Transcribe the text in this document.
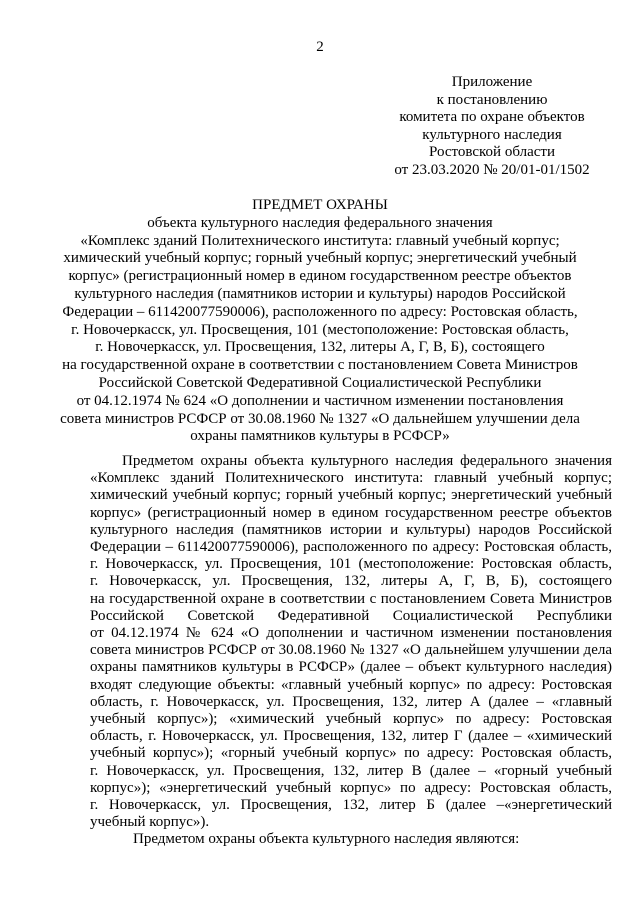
2
Приложение
к постановлению
комитета по охране объектов
культурного наследия
Ростовской области
от 23.03.2020 № 20/01-01/1502
ПРЕДМЕТ ОХРАНЫ
объекта культурного наследия федерального значения
«Комплекс зданий Политехнического института: главный учебный корпус;
химический учебный корпус; горный учебный корпус; энергетический учебный
корпус» (регистрационный номер в едином государственном реестре объектов
культурного наследия (памятников истории и культуры) народов Российской
Федерации – 611420077590006), расположенного по адресу: Ростовская область,
г. Новочеркасск, ул. Просвещения, 101 (местоположение: Ростовская область,
г. Новочеркасск, ул. Просвещения, 132, литеры А, Г, В, Б), состоящего
на государственной охране в соответствии с постановлением Совета Министров
Российской Советской Федеративной Социалистической Республики
от 04.12.1974 № 624 «О дополнении и частичном изменении постановления
совета министров РСФСР от 30.08.1960 № 1327 «О дальнейшем улучшении дела
охраны памятников культуры в РСФСР»
Предметом охраны объекта культурного наследия федерального значения
«Комплекс зданий Политехнического института: главный учебный корпус;
химический учебный корпус; горный учебный корпус; энергетический учебный
корпус» (регистрационный номер в едином государственном реестре объектов
культурного наследия (памятников истории и культуры) народов Российской
Федерации – 611420077590006), расположенного по адресу: Ростовская область,
г. Новочеркасск, ул. Просвещения, 101 (местоположение: Ростовская область,
г. Новочеркасск, ул. Просвещения, 132, литеры А, Г, В, Б), состоящего
на государственной охране в соответствии с постановлением Совета Министров
Российской Советской Федеративной Социалистической Республики
от 04.12.1974 № 624 «О дополнении и частичном изменении постановления
совета министров РСФСР от 30.08.1960 № 1327 «О дальнейшем улучшении дела
охраны памятников культуры в РСФСР» (далее – объект культурного наследия)
входят следующие объекты: «главный учебный корпус» по адресу: Ростовская
область, г. Новочеркасск, ул. Просвещения, 132, литер А (далее – «главный
учебный корпус»); «химический учебный корпус» по адресу: Ростовская
область, г. Новочеркасск, ул. Просвещения, 132, литер Г (далее – «химический
учебный корпус»); «горный учебный корпус» по адресу: Ростовская область,
г. Новочеркасск, ул. Просвещения, 132, литер В (далее – «горный учебный
корпус»); «энергетический учебный корпус» по адресу: Ростовская область,
г. Новочеркасск, ул. Просвещения, 132, литер Б (далее –«энергетический
учебный корпус»).
Предметом охраны объекта культурного наследия являются:
